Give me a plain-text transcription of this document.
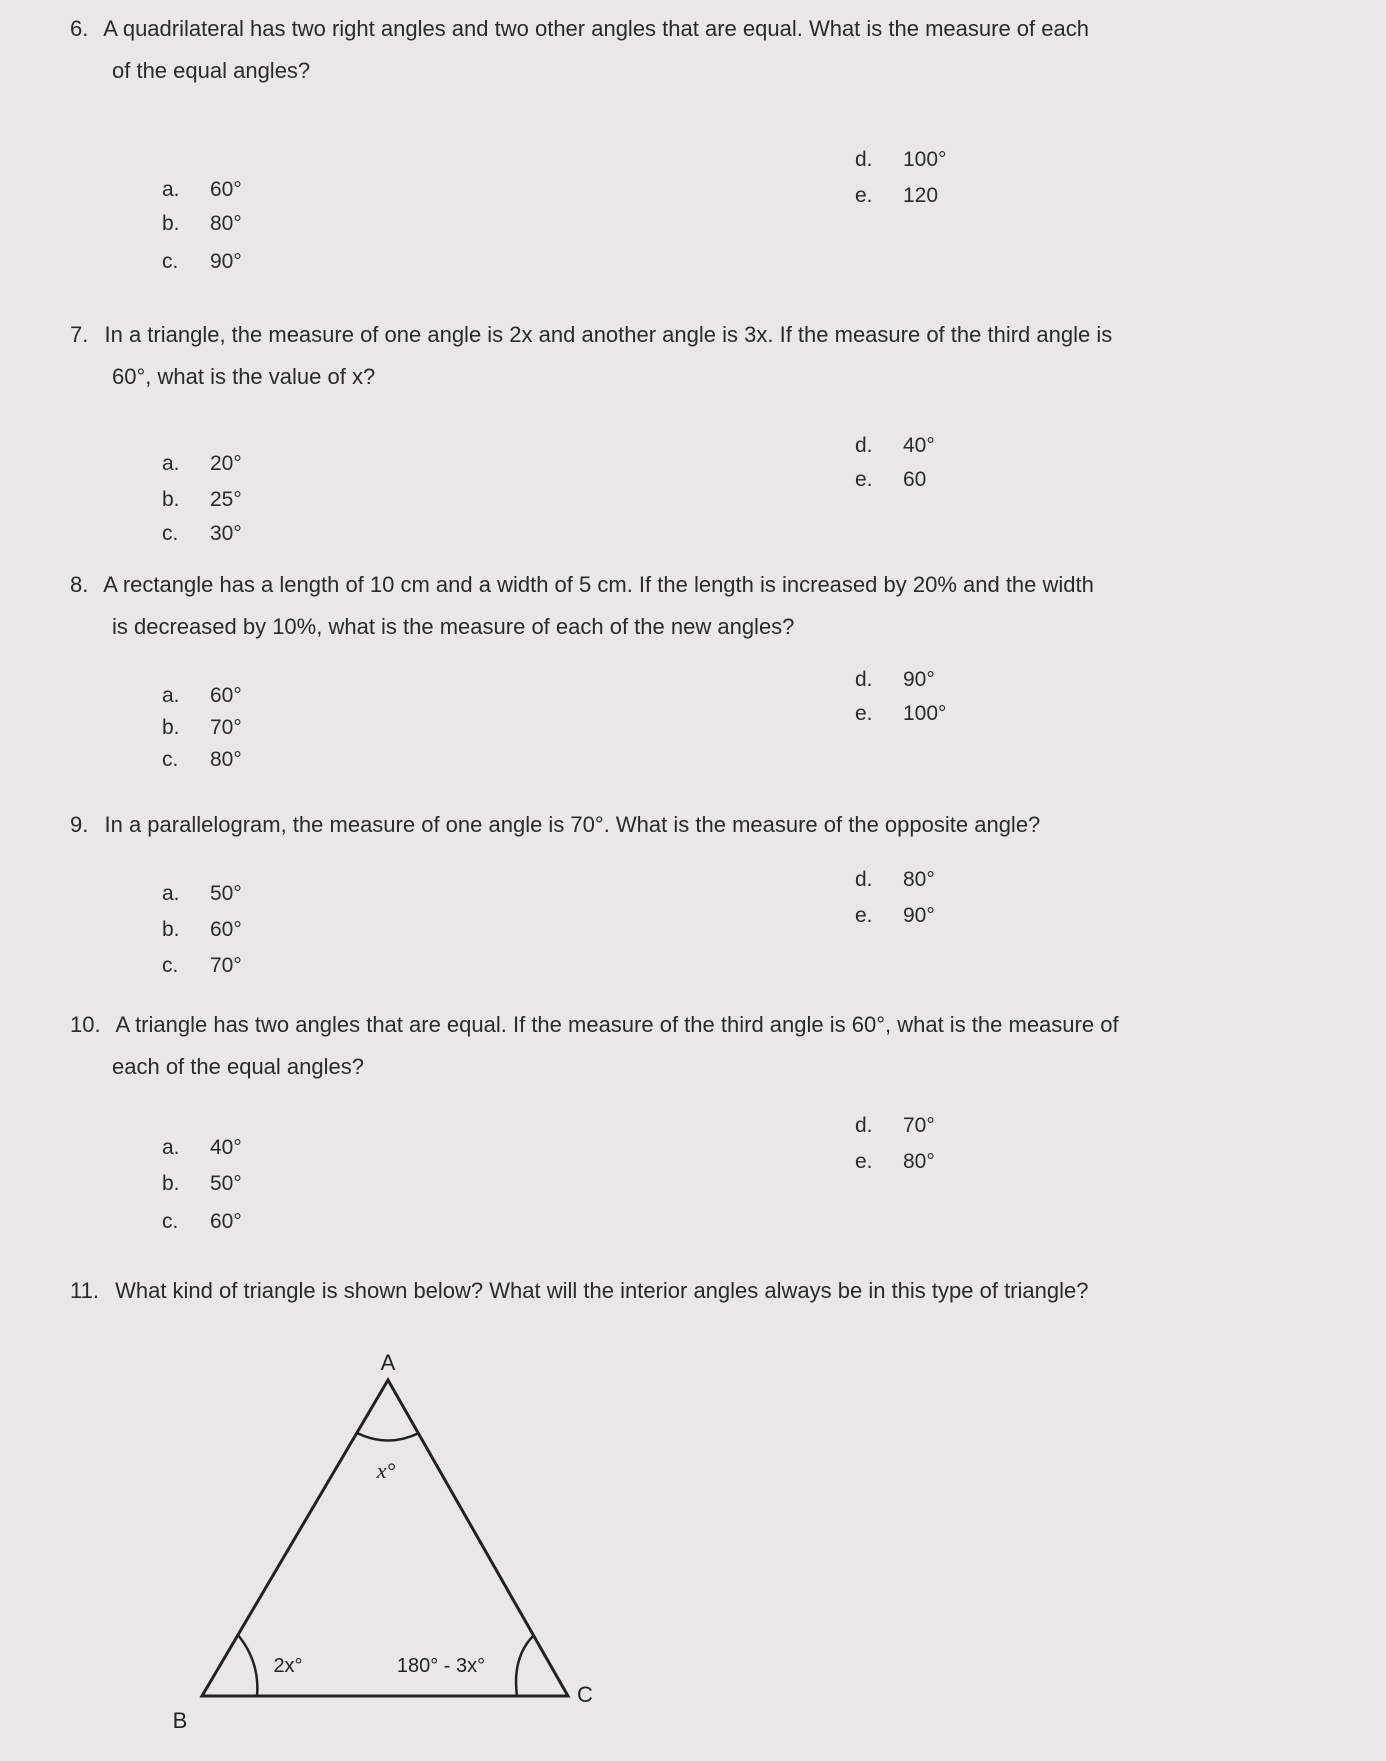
6. A quadrilateral has two right angles and two other angles that are equal. What is the measure of each
of the equal angles?
a. 60°
b. 80°
c. 90°
d. 100°
e. 120
7. In a triangle, the measure of one angle is 2x and another angle is 3x. If the measure of the third angle is
60°, what is the value of x?
a. 20°
b. 25°
c. 30°
d. 40°
e. 60
8. A rectangle has a length of 10 cm and a width of 5 cm. If the length is increased by 20% and the width
is decreased by 10%, what is the measure of each of the new angles?
a. 60°
b. 70°
c. 80°
d. 90°
e. 100°
9. In a parallelogram, the measure of one angle is 70°. What is the measure of the opposite angle?
a. 50°
b. 60°
c. 70°
d. 80°
e. 90°
10. A triangle has two angles that are equal. If the measure of the third angle is 60°, what is the measure of
each of the equal angles?
a. 40°
b. 50°
c. 60°
d. 70°
e. 80°
11. What kind of triangle is shown below? What will the interior angles always be in this type of triangle?
A
B
C
x°
2x°	180° - 3x°
